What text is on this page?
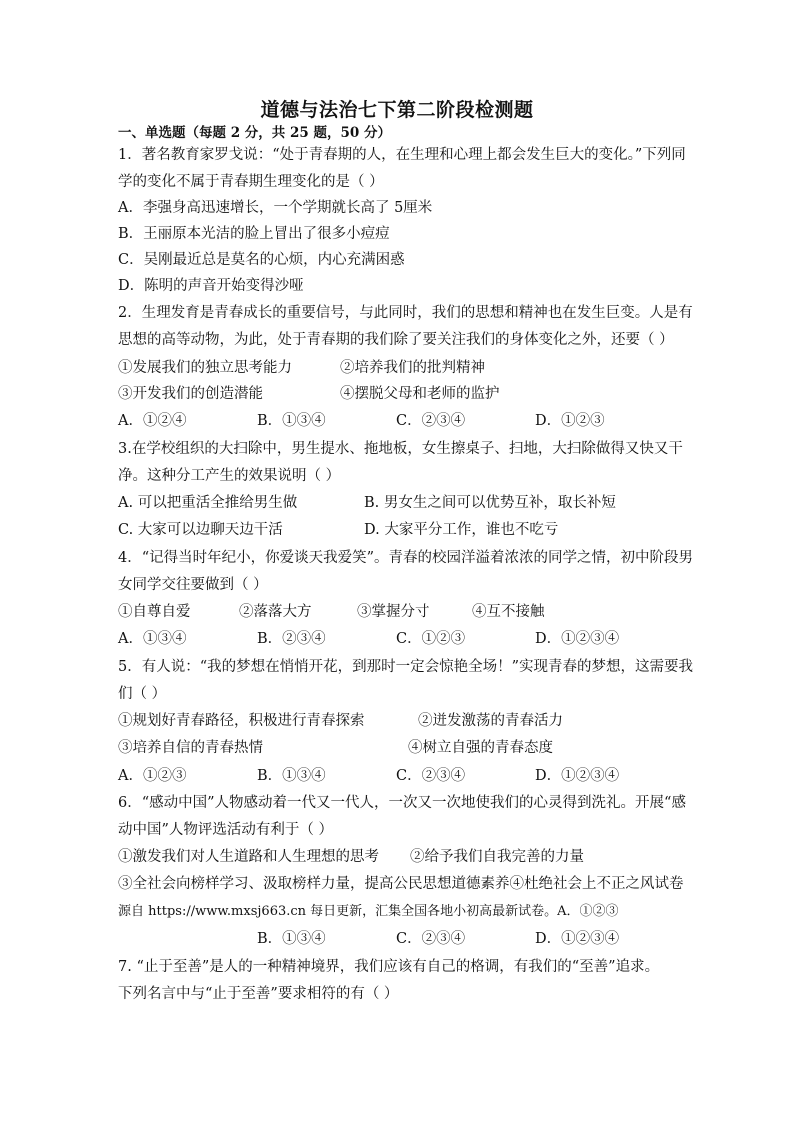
道德与法治七下第二阶段检测题
一、单选题（每题 2 分，共 25 题，50 分）
1．著名教育家罗戈说：“处于青春期的人，在生理和心理上都会发生巨大的变化。”下列同
学的变化不属于青春期生理变化的是（ ）
A．李强身高迅速增长，一个学期就长高了 5厘米
B．王丽原本光洁的脸上冒出了很多小痘痘
C．吴刚最近总是莫名的心烦，内心充满困惑
D．陈明的声音开始变得沙哑
2．生理发育是青春成长的重要信号，与此同时，我们的思想和精神也在发生巨变。人是有
思想的高等动物，为此，处于青春期的我们除了要关注我们的身体变化之外，还要（ ）
①发展我们的独立思考能力	②培养我们的批判精神
③开发我们的创造潜能	④摆脱父母和老师的监护
A．①②④	B．①③④	C．②③④	D．①②③
3.在学校组织的大扫除中，男生提水、拖地板，女生擦桌子、扫地，大扫除做得又快又干
净。这种分工产生的效果说明（ ）
A. 可以把重活全推给男生做	B. 男女生之间可以优势互补，取长补短
C. 大家可以边聊天边干活	D. 大家平分工作，谁也不吃亏
4．“记得当时年纪小，你爱谈天我爱笑”。青春的校园洋溢着浓浓的同学之情，初中阶段男
女同学交往要做到（ ）
①自尊自爱	②落落大方	③掌握分寸	④互不接触
A．①③④	B．②③④	C．①②③	D．①②③④
5．有人说：“我的梦想在悄悄开花，到那时一定会惊艳全场！”实现青春的梦想，这需要我
们（ ）
①规划好青春路径，积极进行青春探索	②迸发激荡的青春活力
③培养自信的青春热情	④树立自强的青春态度
A．①②③	B．①③④	C．②③④	D．①②③④
6．“感动中国”人物感动着一代又一代人，一次又一次地使我们的心灵得到洗礼。开展“感
动中国”人物评选活动有利于（ ）
①激发我们对人生道路和人生理想的思考 ②给予我们自我完善的力量
③全社会向榜样学习、汲取榜样力量，提高公民思想道德素养④杜绝社会上不正之风试卷
源自 https://www.mxsj663.cn 每日更新，汇集全国各地小初高最新试卷。A．①②③
B．①③④	C．②③④	D．①②③④
7. “止于至善”是人的一种精神境界，我们应该有自己的格调，有我们的“至善”追求。
下列名言中与“止于至善”要求相符的有（ ）
